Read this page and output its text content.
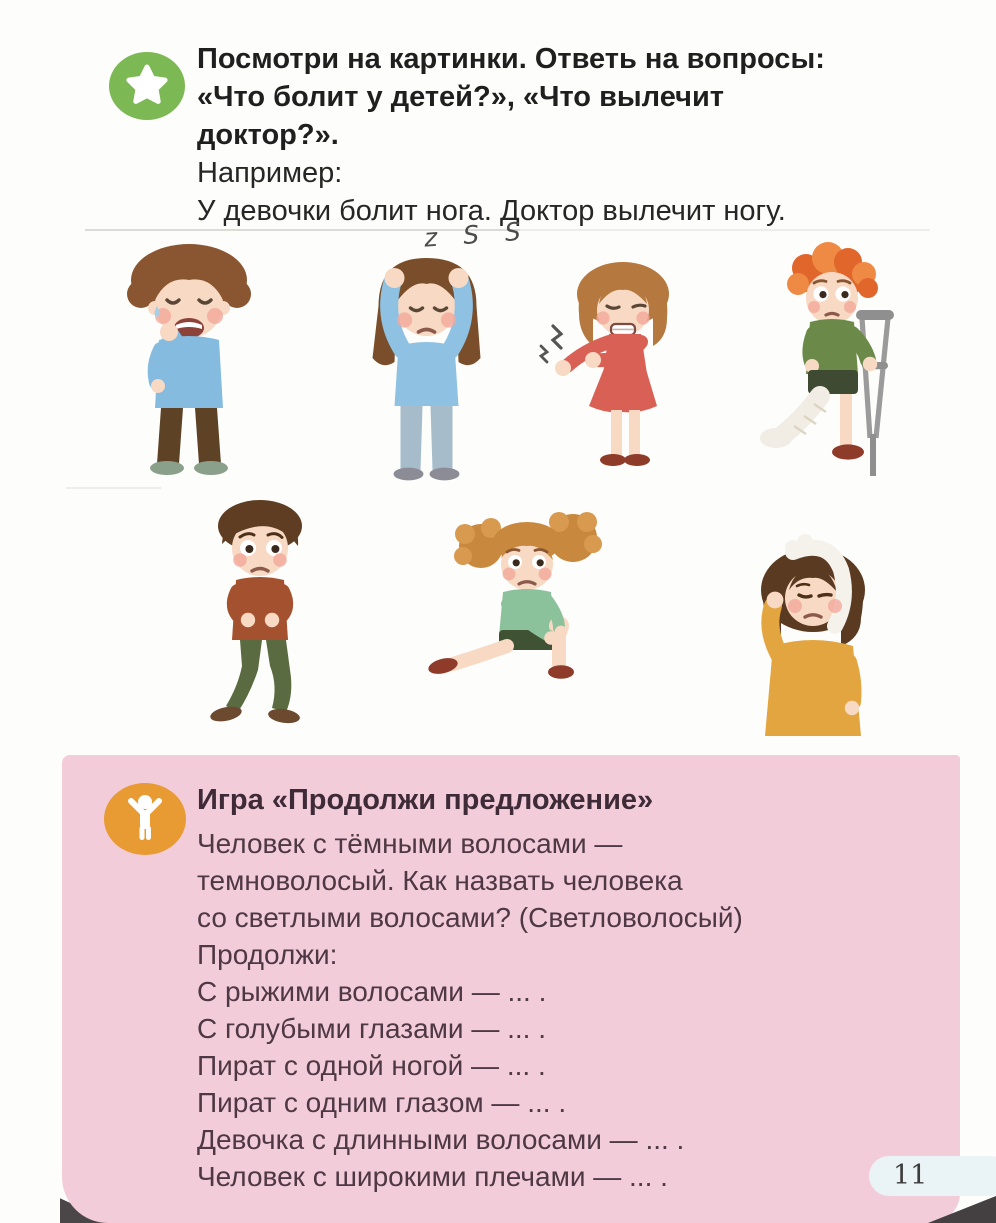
Посмотри на картинки. Ответь на вопросы:

«Что болит у детей?», «Что вылечит

доктор?».

Например:

У девочки болит нога. Доктор вылечит ногу.

z S S

Игра «Продолжи предложение»

Человек с тёмными волосами —

темноволосый. Как назвать человека

со светлыми волосами? (Светловолосый)

Продолжи:

С рыжими волосами — ... .

С голубыми глазами — ... .

Пират с одной ногой — ... .

Пират с одним глазом — ... .

Девочка с длинными волосами — ... .

Человек с широкими плечами — ... .	11
